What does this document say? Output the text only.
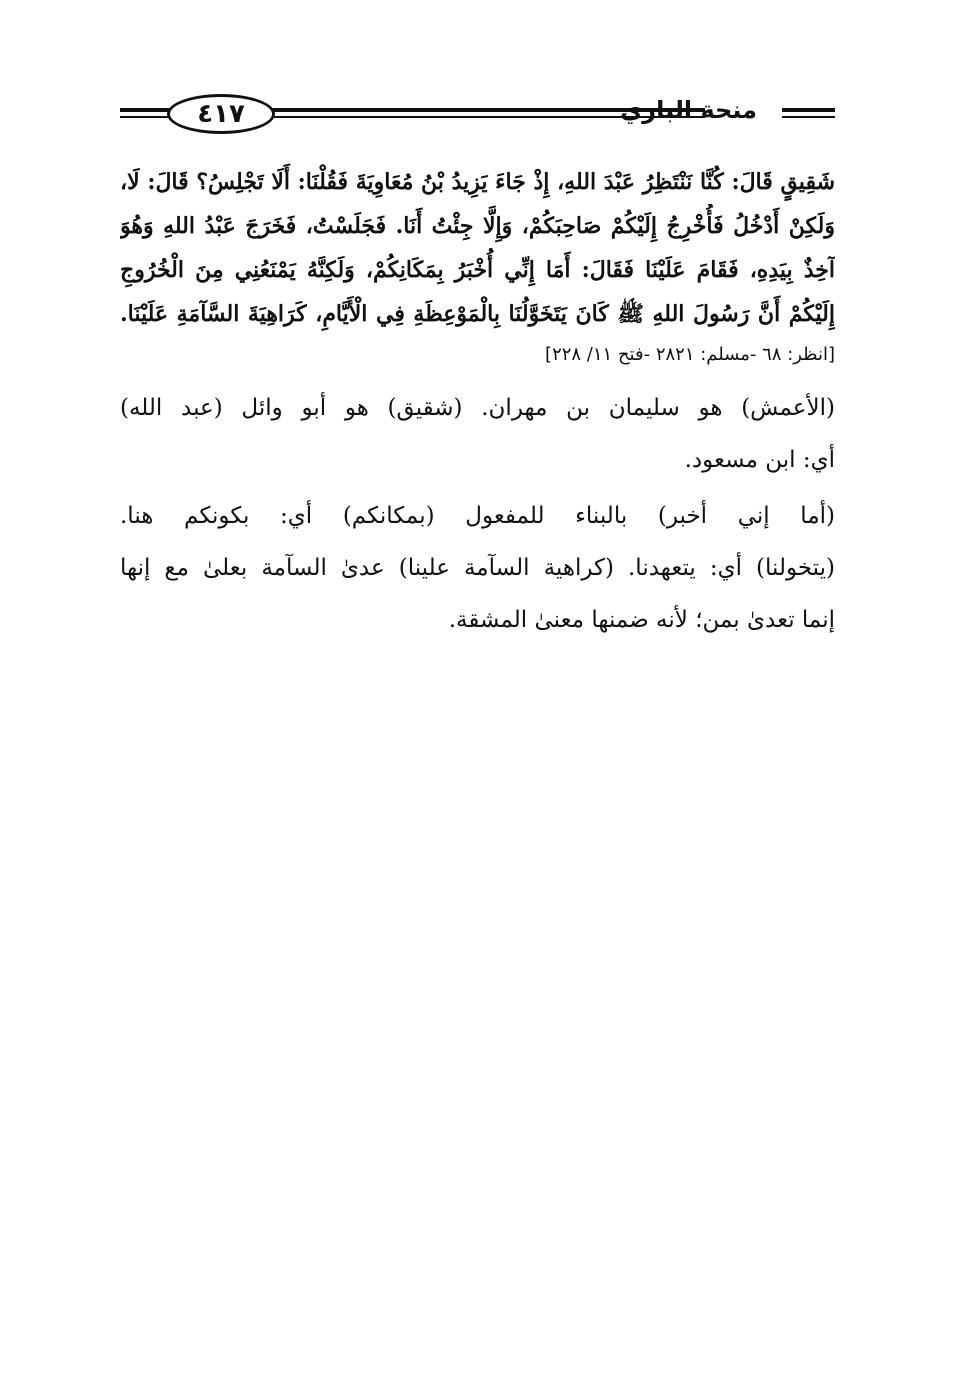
٤١٧	منحة الباري
شَقِيقٍ قَالَ: كُنَّا نَنْتَظِرُ عَبْدَ اللهِ، إِذْ جَاءَ يَزِيدُ بْنُ مُعَاوِيَةَ فَقُلْنَا: أَلَا تَجْلِسُ؟ قَالَ: لَا،
وَلَكِنْ أَدْخُلُ فَأُخْرِجُ إِلَيْكُمْ صَاحِبَكُمْ، وَإِلَّا جِئْتُ أَنَا. فَجَلَسْتُ، فَخَرَجَ عَبْدُ اللهِ وَهُوَ
آخِذٌ بِيَدِهِ، فَقَامَ عَلَيْنَا فَقَالَ: أَمَا إِنِّي أُخْبَرُ بِمَكَانِكُمْ، وَلَكِنَّهُ يَمْنَعُنِي مِنَ الْخُرُوجِ
إِلَيْكُمْ أَنَّ رَسُولَ اللهِ ﷺ كَانَ يَتَخَوَّلُنَا بِالْمَوْعِظَةِ فِي الْأَيَّامِ، كَرَاهِيَةَ السَّآمَةِ عَلَيْنَا.
[انظر: ٦٨ -مسلم: ٢٨٢١ -فتح ١١/ ٢٢٨]
(الأعمش) هو سليمان بن مهران. (شقيق) هو أبو وائل (عبد الله)
أي: ابن مسعود.
(أما إني أخبر) بالبناء للمفعول (بمكانكم) أي: بكونكم هنا.
(يتخولنا) أي: يتعهدنا. (كراهية السآمة علينا) عدىٰ السآمة بعلىٰ مع إنها
إنما تعدىٰ بمن؛ لأنه ضمنها معنىٰ المشقة.
